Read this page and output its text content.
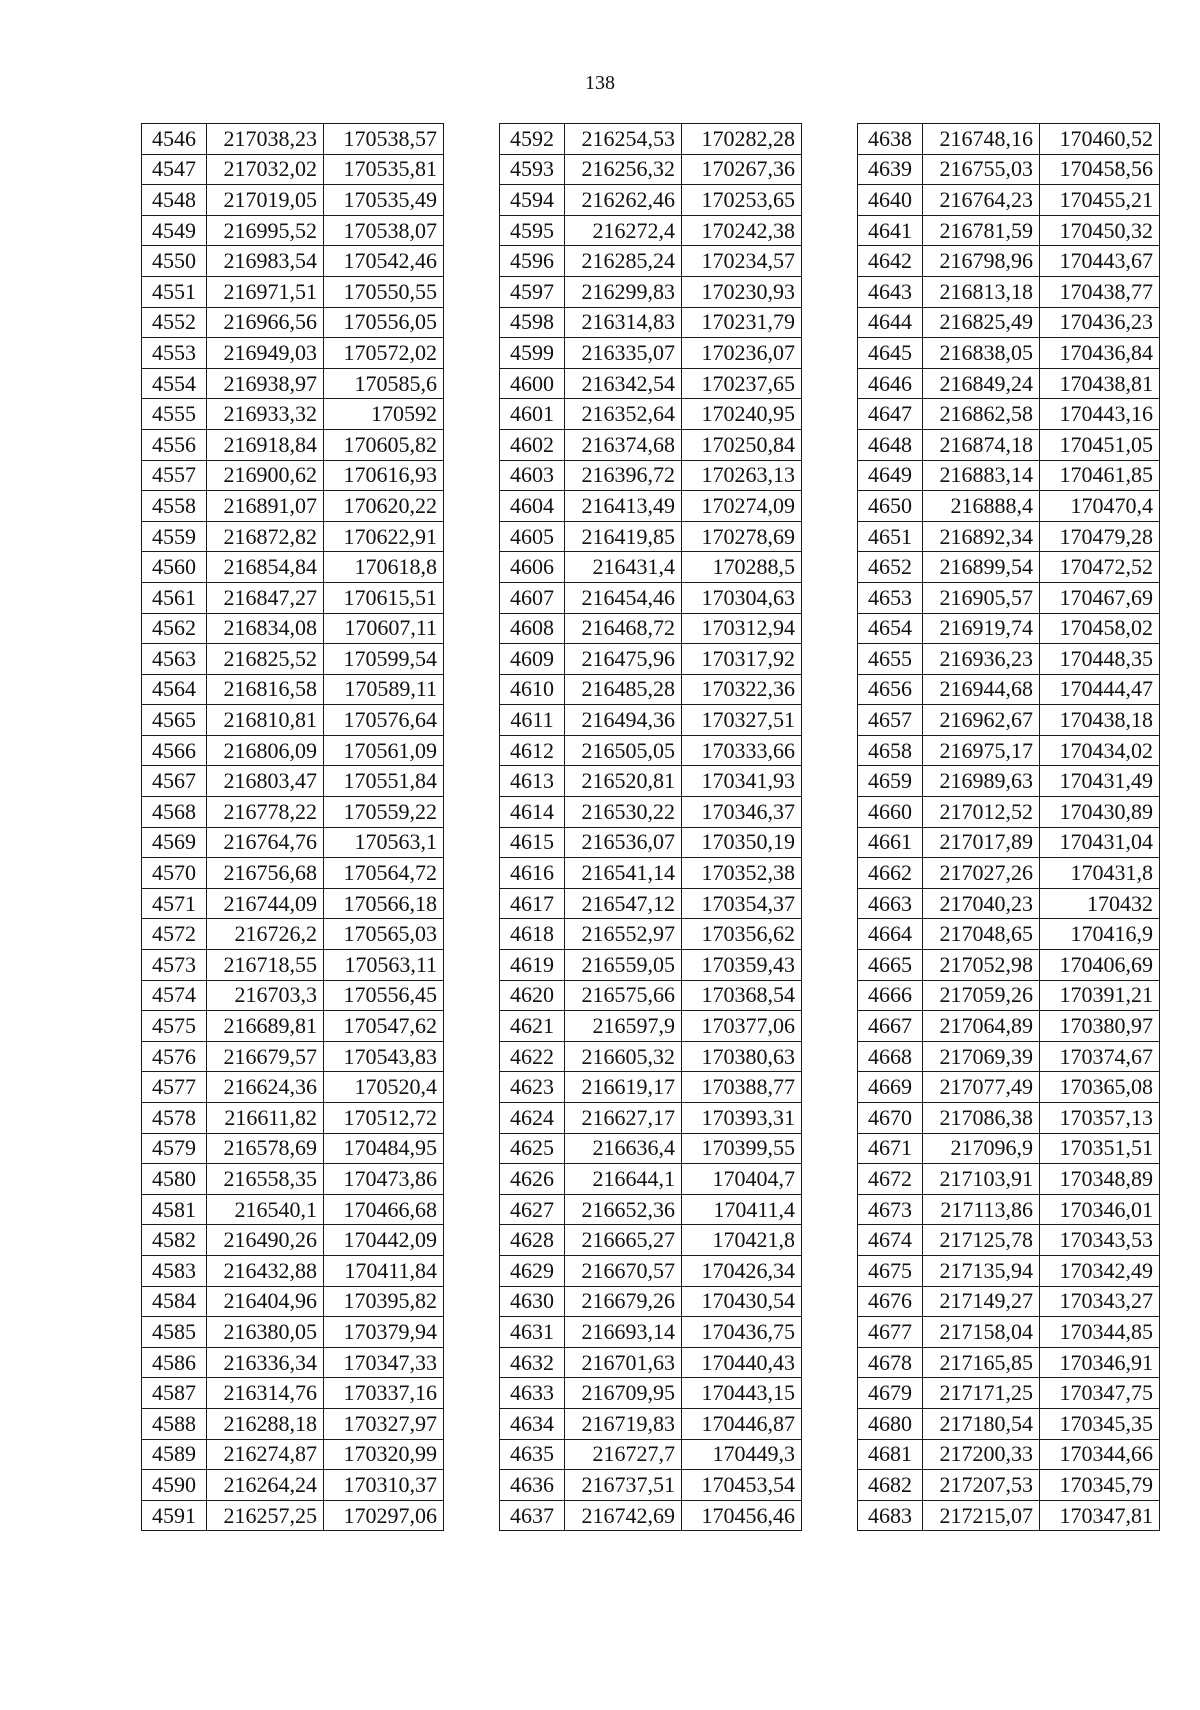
138
4546	217038,23	170538,57
4547	217032,02	170535,81
4548	217019,05	170535,49
4549	216995,52	170538,07
4550	216983,54	170542,46
4551	216971,51	170550,55
4552	216966,56	170556,05
4553	216949,03	170572,02
4554	216938,97	170585,6
4555	216933,32	170592
4556	216918,84	170605,82
4557	216900,62	170616,93
4558	216891,07	170620,22
4559	216872,82	170622,91
4560	216854,84	170618,8
4561	216847,27	170615,51
4562	216834,08	170607,11
4563	216825,52	170599,54
4564	216816,58	170589,11
4565	216810,81	170576,64
4566	216806,09	170561,09
4567	216803,47	170551,84
4568	216778,22	170559,22
4569	216764,76	170563,1
4570	216756,68	170564,72
4571	216744,09	170566,18
4572	216726,2	170565,03
4573	216718,55	170563,11
4574	216703,3	170556,45
4575	216689,81	170547,62
4576	216679,57	170543,83
4577	216624,36	170520,4
4578	216611,82	170512,72
4579	216578,69	170484,95
4580	216558,35	170473,86
4581	216540,1	170466,68
4582	216490,26	170442,09
4583	216432,88	170411,84
4584	216404,96	170395,82
4585	216380,05	170379,94
4586	216336,34	170347,33
4587	216314,76	170337,16
4588	216288,18	170327,97
4589	216274,87	170320,99
4590	216264,24	170310,37
4591	216257,25	170297,06
4592	216254,53	170282,28
4593	216256,32	170267,36
4594	216262,46	170253,65
4595	216272,4	170242,38
4596	216285,24	170234,57
4597	216299,83	170230,93
4598	216314,83	170231,79
4599	216335,07	170236,07
4600	216342,54	170237,65
4601	216352,64	170240,95
4602	216374,68	170250,84
4603	216396,72	170263,13
4604	216413,49	170274,09
4605	216419,85	170278,69
4606	216431,4	170288,5
4607	216454,46	170304,63
4608	216468,72	170312,94
4609	216475,96	170317,92
4610	216485,28	170322,36
4611	216494,36	170327,51
4612	216505,05	170333,66
4613	216520,81	170341,93
4614	216530,22	170346,37
4615	216536,07	170350,19
4616	216541,14	170352,38
4617	216547,12	170354,37
4618	216552,97	170356,62
4619	216559,05	170359,43
4620	216575,66	170368,54
4621	216597,9	170377,06
4622	216605,32	170380,63
4623	216619,17	170388,77
4624	216627,17	170393,31
4625	216636,4	170399,55
4626	216644,1	170404,7
4627	216652,36	170411,4
4628	216665,27	170421,8
4629	216670,57	170426,34
4630	216679,26	170430,54
4631	216693,14	170436,75
4632	216701,63	170440,43
4633	216709,95	170443,15
4634	216719,83	170446,87
4635	216727,7	170449,3
4636	216737,51	170453,54
4637	216742,69	170456,46
4638	216748,16	170460,52
4639	216755,03	170458,56
4640	216764,23	170455,21
4641	216781,59	170450,32
4642	216798,96	170443,67
4643	216813,18	170438,77
4644	216825,49	170436,23
4645	216838,05	170436,84
4646	216849,24	170438,81
4647	216862,58	170443,16
4648	216874,18	170451,05
4649	216883,14	170461,85
4650	216888,4	170470,4
4651	216892,34	170479,28
4652	216899,54	170472,52
4653	216905,57	170467,69
4654	216919,74	170458,02
4655	216936,23	170448,35
4656	216944,68	170444,47
4657	216962,67	170438,18
4658	216975,17	170434,02
4659	216989,63	170431,49
4660	217012,52	170430,89
4661	217017,89	170431,04
4662	217027,26	170431,8
4663	217040,23	170432
4664	217048,65	170416,9
4665	217052,98	170406,69
4666	217059,26	170391,21
4667	217064,89	170380,97
4668	217069,39	170374,67
4669	217077,49	170365,08
4670	217086,38	170357,13
4671	217096,9	170351,51
4672	217103,91	170348,89
4673	217113,86	170346,01
4674	217125,78	170343,53
4675	217135,94	170342,49
4676	217149,27	170343,27
4677	217158,04	170344,85
4678	217165,85	170346,91
4679	217171,25	170347,75
4680	217180,54	170345,35
4681	217200,33	170344,66
4682	217207,53	170345,79
4683	217215,07	170347,81
